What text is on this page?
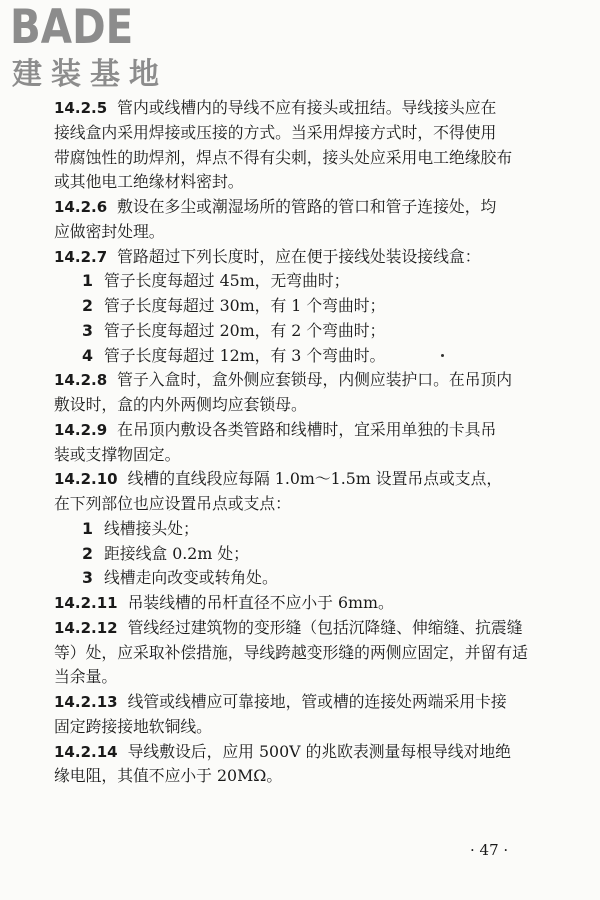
BADE
建装基地
14.2.5 管内或线槽内的导线不应有接头或扭结。导线接头应在
接线盒内采用焊接或压接的方式。当采用焊接方式时，不得使用
带腐蚀性的助焊剂，焊点不得有尖刺，接头处应采用电工绝缘胶布
或其他电工绝缘材料密封。
14.2.6 敷设在多尘或潮湿场所的管路的管口和管子连接处，均
应做密封处理。
14.2.7 管路超过下列长度时，应在便于接线处装设接线盒：
1 管子长度每超过 45m，无弯曲时；
2 管子长度每超过 30m，有 1 个弯曲时；
3 管子长度每超过 20m，有 2 个弯曲时；
4 管子长度每超过 12m，有 3 个弯曲时。
14.2.8 管子入盒时，盒外侧应套锁母，内侧应装护口。在吊顶内
敷设时，盒的内外两侧均应套锁母。
14.2.9 在吊顶内敷设各类管路和线槽时，宜采用单独的卡具吊
装或支撑物固定。
14.2.10 线槽的直线段应每隔 1.0m～1.5m 设置吊点或支点，
在下列部位也应设置吊点或支点：
1 线槽接头处；
2 距接线盒 0.2m 处；
3 线槽走向改变或转角处。
14.2.11 吊装线槽的吊杆直径不应小于 6mm。
14.2.12 管线经过建筑物的变形缝（包括沉降缝、伸缩缝、抗震缝
等）处，应采取补偿措施，导线跨越变形缝的两侧应固定，并留有适
当余量。
14.2.13 线管或线槽应可靠接地，管或槽的连接处两端采用卡接
固定跨接接地软铜线。
14.2.14 导线敷设后，应用 500V 的兆欧表测量每根导线对地绝
缘电阻，其值不应小于 20MΩ。
· 47 ·
